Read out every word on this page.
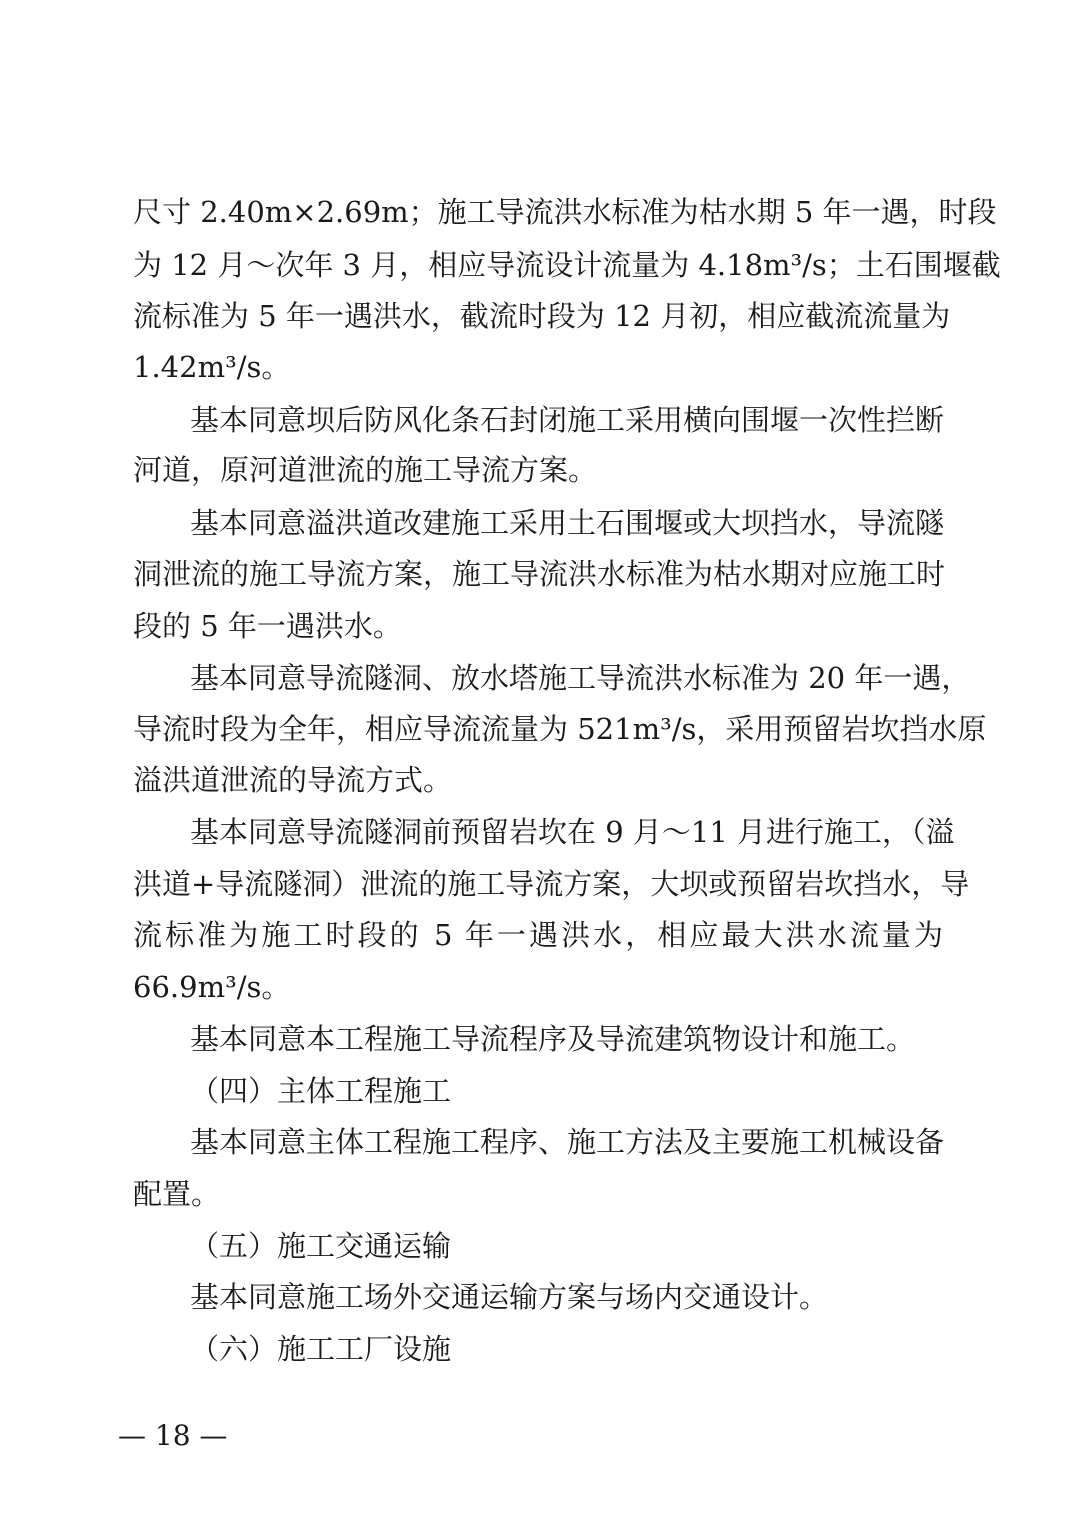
尺寸 2.40m×2.69m；施工导流洪水标准为枯水期 5 年一遇，时段
为 12 月～次年 3 月，相应导流设计流量为 4.18m³/s；土石围堰截
流标准为 5 年一遇洪水，截流时段为 12 月初，相应截流流量为
1.42m³/s。
基本同意坝后防风化条石封闭施工采用横向围堰一次性拦断
河道，原河道泄流的施工导流方案。
基本同意溢洪道改建施工采用土石围堰或大坝挡水，导流隧
洞泄流的施工导流方案，施工导流洪水标准为枯水期对应施工时
段的 5 年一遇洪水。
基本同意导流隧洞、放水塔施工导流洪水标准为 20 年一遇，
导流时段为全年，相应导流流量为 521m³/s，采用预留岩坎挡水原
溢洪道泄流的导流方式。
基本同意导流隧洞前预留岩坎在 9 月～11 月进行施工，（溢
洪道+导流隧洞）泄流的施工导流方案，大坝或预留岩坎挡水，导
流标准为施工时段的 5 年一遇洪水，相应最大洪水流量为
66.9m³/s。
基本同意本工程施工导流程序及导流建筑物设计和施工。
（四）主体工程施工
基本同意主体工程施工程序、施工方法及主要施工机械设备
配置。
（五）施工交通运输
基本同意施工场外交通运输方案与场内交通设计。
（六）施工工厂设施
— 18 —
